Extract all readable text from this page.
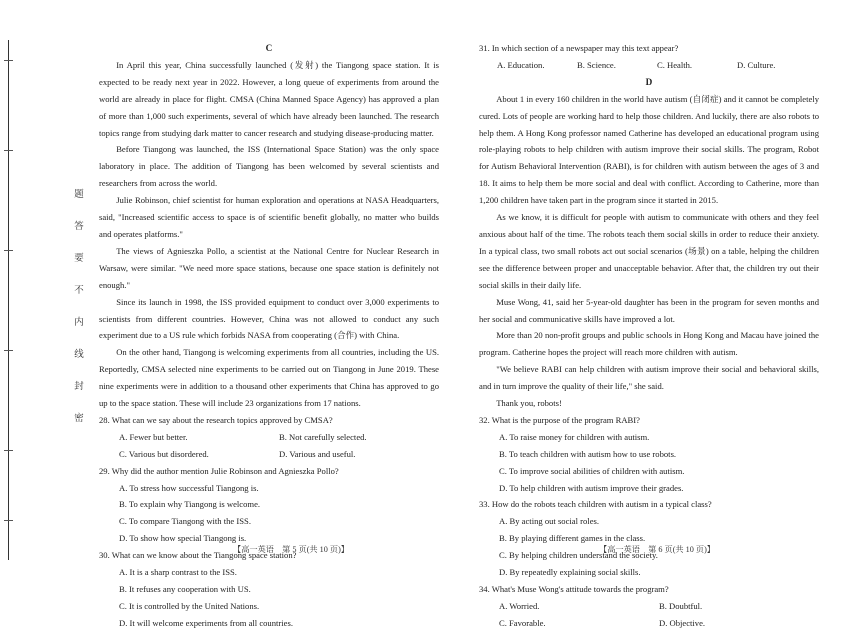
题
答
要
不
内
线
封
密

C

In April this year, China successfully launched (发射) the Tiangong space station. It is expected to be ready next year in 2022. However, a long queue of experiments from around the world are already in place for flight. CMSA (China Manned Space Agency) has approved a plan of more than 1,000 such experiments, several of which have already been launched. The research topics range from studying dark matter to cancer research and studying disease-producing matter.

Before Tiangong was launched, the ISS (International Space Station) was the only space laboratory in place. The addition of Tiangong has been welcomed by several scientists and researchers from across the world.

Julie Robinson, chief scientist for human exploration and operations at NASA Headquarters, said, "Increased scientific access to space is of scientific benefit globally, no matter who builds and operates platforms."

The views of Agnieszka Pollo, a scientist at the National Centre for Nuclear Research in Warsaw, were similar. "We need more space stations, because one space station is definitely not enough."

Since its launch in 1998, the ISS provided equipment to conduct over 3,000 experiments to scientists from different countries. However, China was not allowed to conduct any such experiment due to a US rule which forbids NASA from cooperating (合作) with China.

On the other hand, Tiangong is welcoming experiments from all countries, including the US. Reportedly, CMSA selected nine experiments to be carried out on Tiangong in June 2019. These nine experiments were in addition to a thousand other experiments that China has approved to go up to the space station. These will include 23 organizations from 17 nations.

28. What can we say about the research topics approved by CMSA?

A. Fewer but better.	B. Not carefully selected.
C. Various but disordered.	D. Various and useful.

29. Why did the author mention Julie Robinson and Agnieszka Pollo?

A. To stress how successful Tiangong is.

B. To explain why Tiangong is welcome.

C. To compare Tiangong with the ISS.

D. To show how special Tiangong is.

30. What can we know about the Tiangong space station?

A. It is a sharp contrast to the ISS.

B. It refuses any cooperation with US.

C. It is controlled by the United Nations.

D. It will welcome experiments from all countries.

31. In which section of a newspaper may this text appear?

A. Education.	B. Science.	C. Health.	D. Culture.

D

About 1 in every 160 children in the world have autism (自闭症) and it cannot be completely cured. Lots of people are working hard to help those children. And luckily, there are also robots to help them. A Hong Kong professor named Catherine has developed an educational program using role-playing robots to help children with autism improve their social skills. The program, Robot for Autism Behavioral Intervention (RABI), is for children with autism between the ages of 3 and 18. It aims to help them be more social and deal with conflict. According to Catherine, more than 1,200 children have taken part in the program since it started in 2015.

As we know, it is difficult for people with autism to communicate with others and they feel anxious about half of the time. The robots teach them social skills in order to reduce their anxiety. In a typical class, two small robots act out social scenarios (场景) on a table, helping the children see the difference between proper and unacceptable behavior. After that, the children try out their social skills in their daily life.

Muse Wong, 41, said her 5-year-old daughter has been in the program for seven months and her social and communicative skills have improved a lot.

More than 20 non-profit groups and public schools in Hong Kong and Macau have joined the program. Catherine hopes the project will reach more children with autism.

"We believe RABI can help children with autism improve their social and behavioral skills, and in turn improve the quality of their life," she said.

Thank you, robots!

32. What is the purpose of the program RABI?

A. To raise money for children with autism.

B. To teach children with autism how to use robots.

C. To improve social abilities of children with autism.

D. To help children with autism improve their grades.

33. How do the robots teach children with autism in a typical class?

A. By acting out social roles.

B. By playing different games in the class.

C. By helping children understand the society.

D. By repeatedly explaining social skills.

34. What's Muse Wong's attitude towards the program?

A. Worried.	B. Doubtful.
C. Favorable.	D. Objective.
【高一英语　第 5 页(共 10 页)】	【高一英语　第 6 页(共 10 页)】
